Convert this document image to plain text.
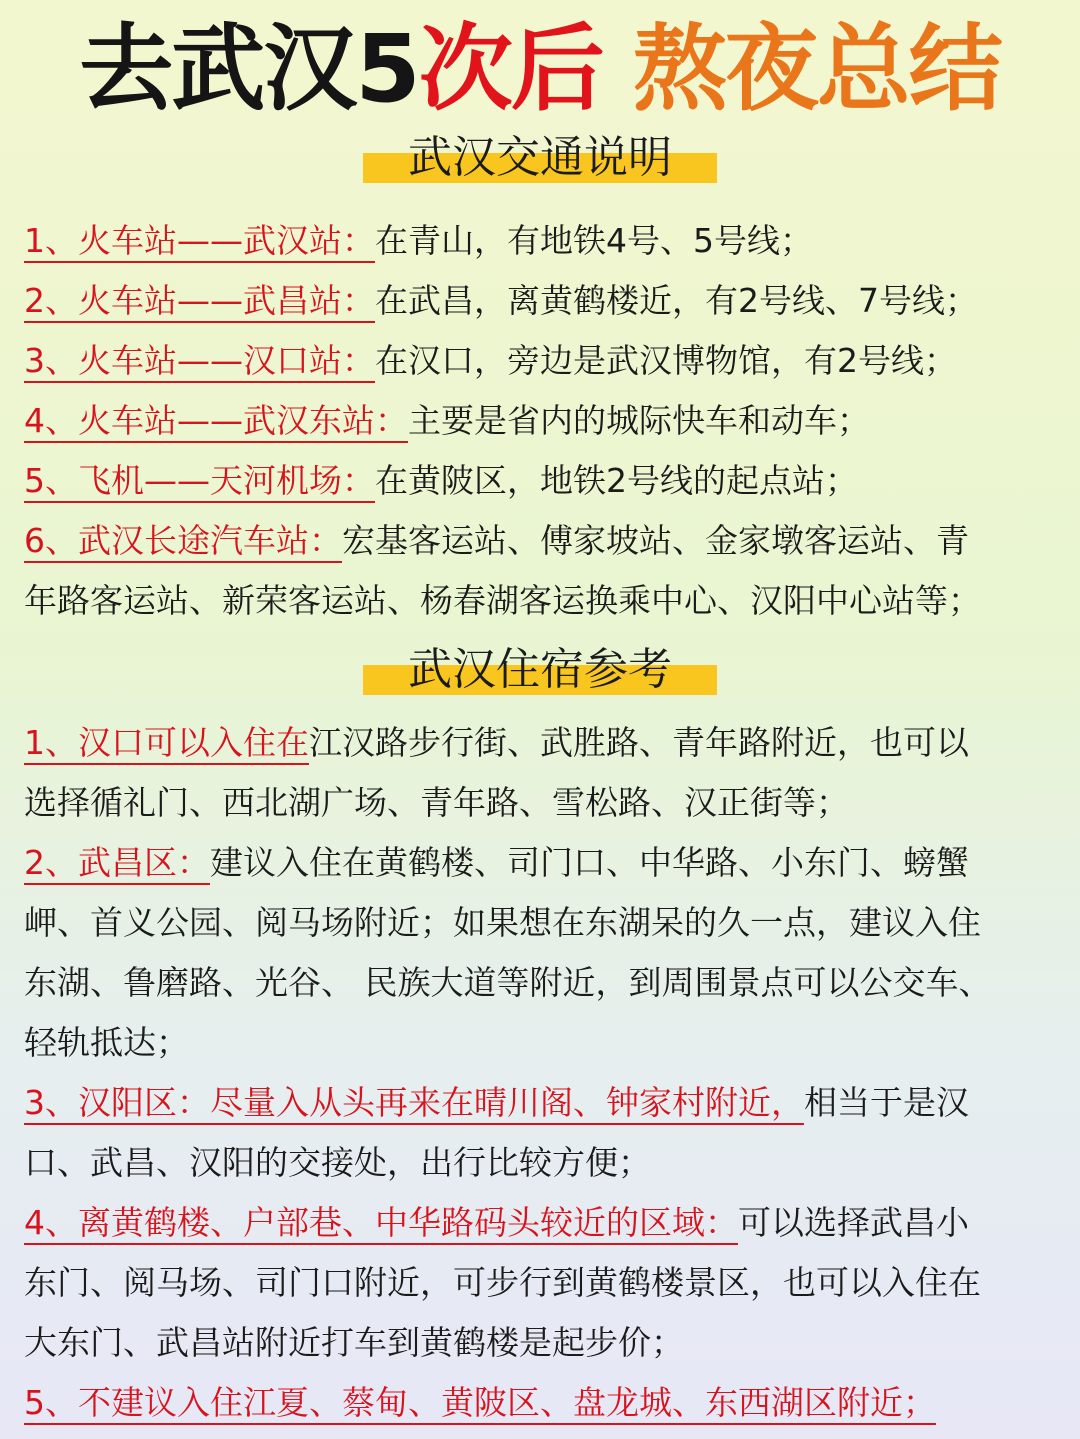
去武汉5次后 熬夜总结
武汉交通说明
1、火车站——武汉站：在青山，有地铁4号、5号线；
2、火车站——武昌站：在武昌，离黄鹤楼近，有2号线、7号线；
3、火车站——汉口站：在汉口，旁边是武汉博物馆，有2号线；
4、火车站——武汉东站：主要是省内的城际快车和动车；
5、飞机——天河机场：在黄陂区，地铁2号线的起点站；
6、武汉长途汽车站：宏基客运站、傅家坡站、金家墩客运站、青
年路客运站、新荣客运站、杨春湖客运换乘中心、汉阳中心站等；
武汉住宿参考
1、汉口可以入住在江汉路步行街、武胜路、青年路附近，也可以
选择循礼门、西北湖广场、青年路、雪松路、汉正街等；
2、武昌区：建议入住在黄鹤楼、司门口、中华路、小东门、螃蟹
岬、首义公园、阅马场附近；如果想在东湖呆的久一点，建议入住
东湖、鲁磨路、光谷、 民族大道等附近，到周围景点可以公交车、
轻轨抵达；
3、汉阳区：尽量入从头再来在晴川阁、钟家村附近，相当于是汉
口、武昌、汉阳的交接处，出行比较方便；
4、离黄鹤楼、户部巷、中华路码头较近的区域：可以选择武昌小
东门、阅马场、司门口附近，可步行到黄鹤楼景区，也可以入住在
大东门、武昌站附近打车到黄鹤楼是起步价；
5、不建议入住江夏、蔡甸、黄陂区、盘龙城、东西湖区附近；
